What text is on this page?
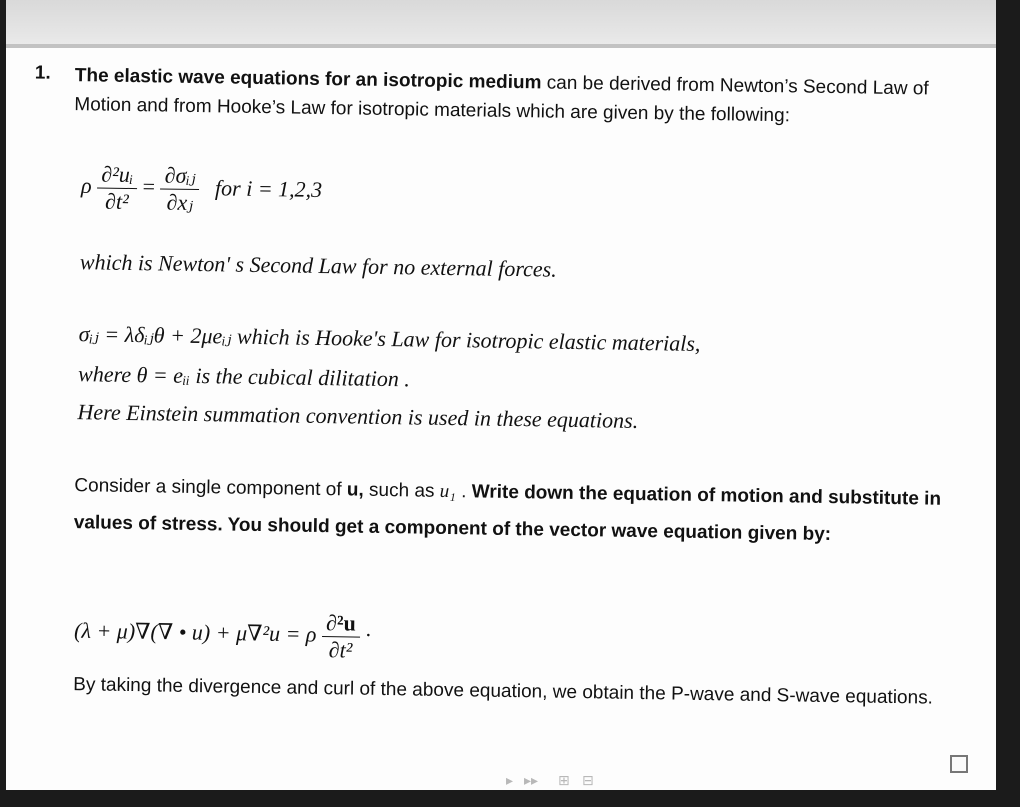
1. The elastic wave equations for an isotropic medium can be derived from Newton’s Second Law of Motion and from Hooke’s Law for isotropic materials which are given by the following:
ρ $\frac{\text{∂²uᵢ}}{\text{∂t²}} = \frac{\text{∂σᵢⱼ}}{\text{∂xⱼ}}$ for i = 1,2,3
which is Newton' s Second Law for no external forces.
σᵢⱼ = λδᵢⱼθ + 2μeᵢⱼ which is Hooke's Law for isotropic elastic materials,
where θ = eᵢᵢ is the cubical dilitation .
Here Einstein summation convention is used in these equations.
Consider a single component of u, such as u₁ . Write down the equation of motion and substitute in values of stress. You should get a component of the vector wave equation given by:
(λ + μ)∇(∇ • u) + μ∇²u = ρ $\frac{\text{∂²u}}{\text{∂t²}}$ ·
By taking the divergence and curl of the above equation, we obtain the P-wave and S-wave equations.
▸ ▸▸ ⊞ ⊟
